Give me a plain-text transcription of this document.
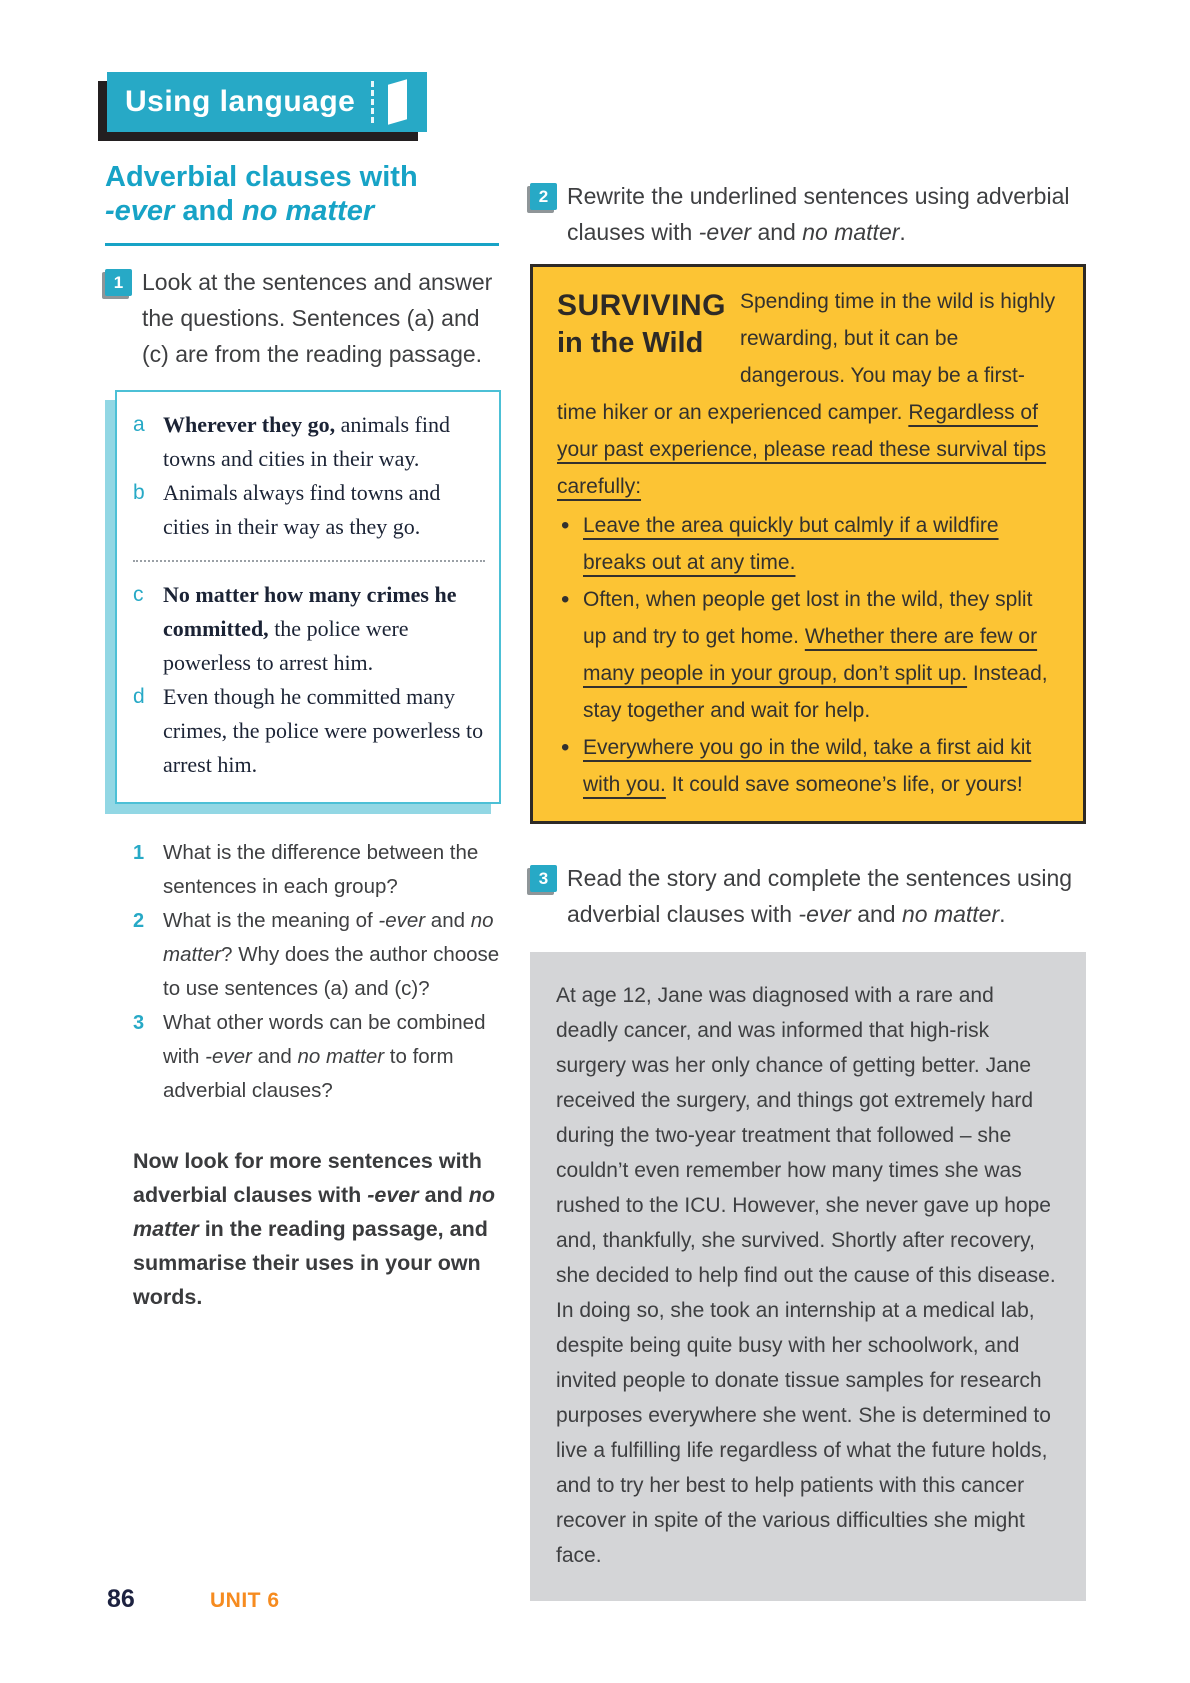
Using language
Adverbial clauses with
-ever and no matter
1 Look at the sentences and answer the questions. Sentences (a) and (c) are from the reading passage.
a Wherever they go, animals find towns and cities in their way.
b Animals always find towns and cities in their way as they go.
c No matter how many crimes he committed, the police were powerless to arrest him.
d Even though he committed many crimes, the police were powerless to arrest him.
1 What is the difference between the sentences in each group?
2 What is the meaning of -ever and no matter? Why does the author choose to use sentences (a) and (c)?
3 What other words can be combined with -ever and no matter to form adverbial clauses?
Now look for more sentences with adverbial clauses with -ever and no matter in the reading passage, and summarise their uses in your own words.
2 Rewrite the underlined sentences using adverbial clauses with -ever and no matter.
SURVIVING
in the Wild
Spending time in the wild is highly rewarding, but it can be dangerous. You may be a first-time hiker or an experienced camper. Regardless of your past experience, please read these survival tips carefully:
• Leave the area quickly but calmly if a wildfire breaks out at any time.
• Often, when people get lost in the wild, they split up and try to get home. Whether there are few or many people in your group, don’t split up. Instead, stay together and wait for help.
• Everywhere you go in the wild, take a first aid kit with you. It could save someone’s life, or yours!
3 Read the story and complete the sentences using adverbial clauses with -ever and no matter.
At age 12, Jane was diagnosed with a rare and deadly cancer, and was informed that high-risk surgery was her only chance of getting better. Jane received the surgery, and things got extremely hard during the two-year treatment that followed – she couldn’t even remember how many times she was rushed to the ICU. However, she never gave up hope and, thankfully, she survived. Shortly after recovery, she decided to help find out the cause of this disease. In doing so, she took an internship at a medical lab, despite being quite busy with her schoolwork, and invited people to donate tissue samples for research purposes everywhere she went. She is determined to live a fulfilling life regardless of what the future holds, and to try her best to help patients with this cancer recover in spite of the various difficulties she might face.
86	UNIT 6
